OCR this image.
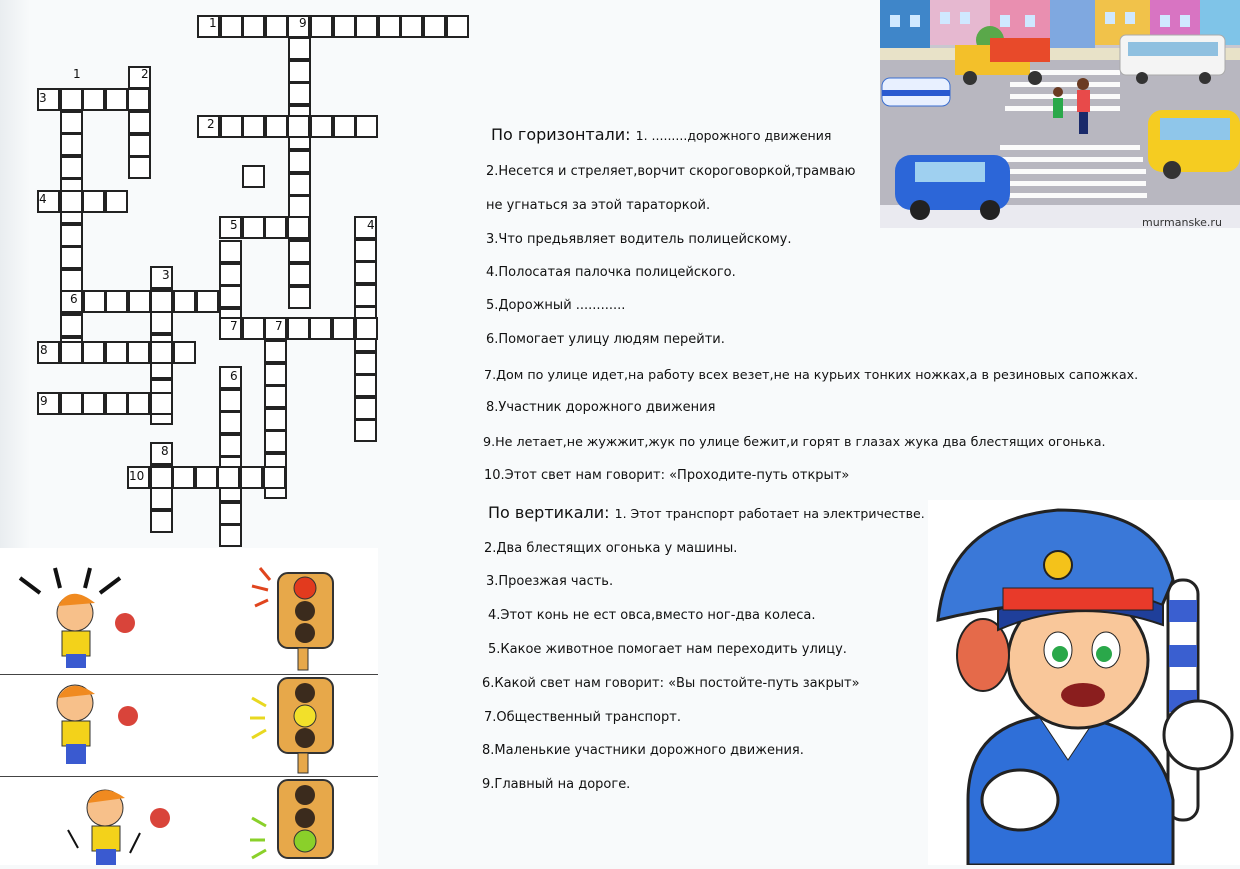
1	9
1	2
3
2
4
5	4
3
6
7	7
8
6
9
8
10
murmanske.ru
По горизонтали: 1. .........дорожного движения
2.Несется и стреляет,ворчит скороговоркой,трамваю
не угнаться за этой тараторкой.
3.Что предьявляет водитель полицейскому.
4.Полосатая палочка полицейского.
5.Дорожный ............
6.Помогает улицу людям перейти.
7.Дом по улице идет,на работу всех везет,не на курьих тонких ножках,а в резиновых сапожках.
8.Участник дорожного движения
9.Не летает,не жужжит,жук по улице бежит,и горят в глазах жука два блестящих огонька.
10.Этот свет нам говорит: «Проходите-путь открыт»
По вертикали: 1. Этот транспорт работает на электричестве.
2.Два блестящих огонька у машины.
3.Проезжая часть.
4.Этот конь не ест овса,вместо ног-два колеса.
5.Какое животное помогает нам переходить улицу.
6.Какой свет нам говорит: «Вы постойте-путь закрыт»
7.Общественный транспорт.
8.Маленькие участники дорожного движения.
9.Главный на дороге.
